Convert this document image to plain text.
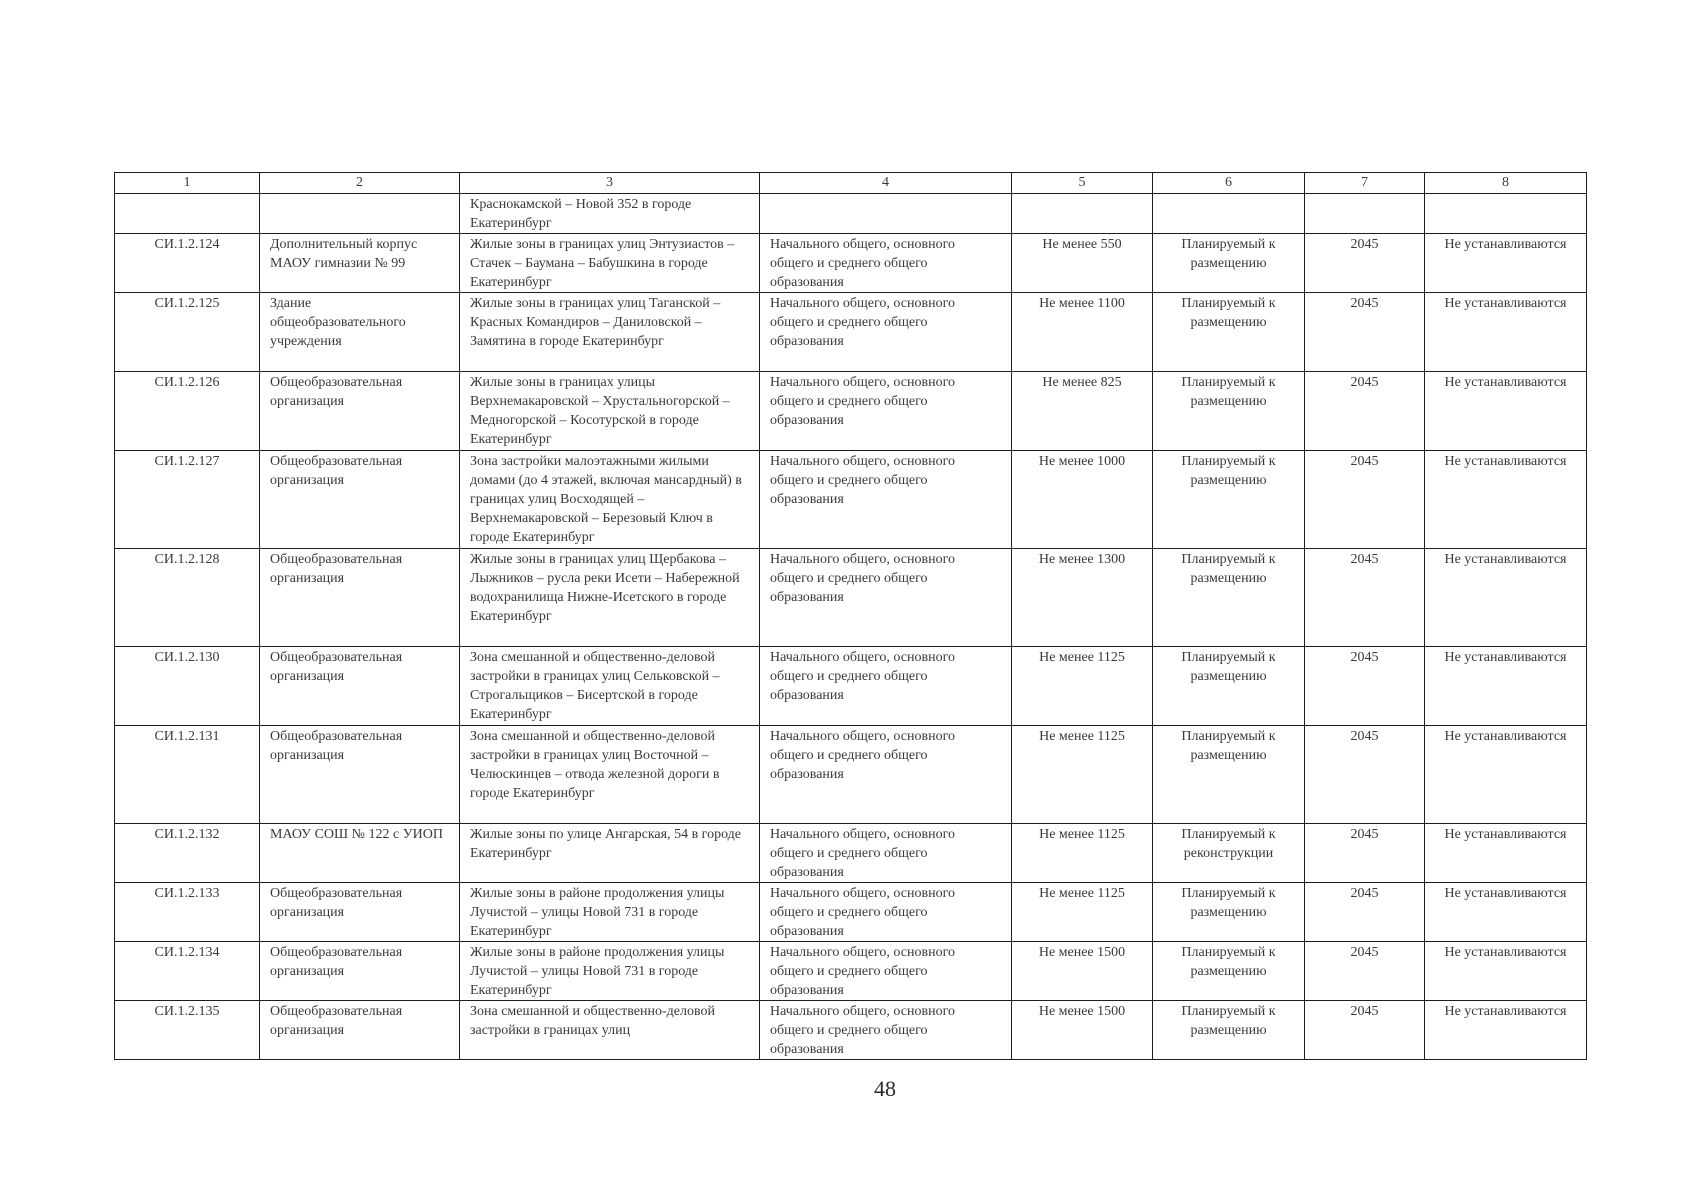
1	2	3	4	5	6	7	8
		Краснокамской – Новой 352 в городе Екатеринбург					
СИ.1.2.124	Дополнительный корпус МАОУ гимназии № 99	Жилые зоны в границах улиц Энтузиастов – Стачек – Баумана – Бабушкина в городе Екатеринбург	Начального общего, основного общего и среднего общего образования	Не менее 550	Планируемый к размещению	2045	Не устанавливаются
СИ.1.2.125	Здание общеобразовательного учреждения	Жилые зоны в границах улиц Таганской – Красных Командиров – Даниловской – Замятина в городе Екатеринбург	Начального общего, основного общего и среднего общего образования	Не менее 1100	Планируемый к размещению	2045	Не устанавливаются
СИ.1.2.126	Общеобразовательная организация	Жилые зоны в границах улицы Верхнемакаровской – Хрустальногорской – Медногорской – Косотурской в городе Екатеринбург	Начального общего, основного общего и среднего общего образования	Не менее 825	Планируемый к размещению	2045	Не устанавливаются
СИ.1.2.127	Общеобразовательная организация	Зона застройки малоэтажными жилыми домами (до 4 этажей, включая мансардный) в границах улиц Восходящей – Верхнемакаровской – Березовый Ключ в городе Екатеринбург	Начального общего, основного общего и среднего общего образования	Не менее 1000	Планируемый к размещению	2045	Не устанавливаются
СИ.1.2.128	Общеобразовательная организация	Жилые зоны в границах улиц Щербакова – Лыжников – русла реки Исети – Набережной водохранилища Нижне-Исетского в городе Екатеринбург	Начального общего, основного общего и среднего общего образования	Не менее 1300	Планируемый к размещению	2045	Не устанавливаются
СИ.1.2.130	Общеобразовательная организация	Зона смешанной и общественно-деловой застройки в границах улиц Сельковской – Строгальщиков – Бисертской в городе Екатеринбург	Начального общего, основного общего и среднего общего образования	Не менее 1125	Планируемый к размещению	2045	Не устанавливаются
СИ.1.2.131	Общеобразовательная организация	Зона смешанной и общественно-деловой застройки в границах улиц Восточной – Челюскинцев – отвода железной дороги в городе Екатеринбург	Начального общего, основного общего и среднего общего образования	Не менее 1125	Планируемый к размещению	2045	Не устанавливаются
СИ.1.2.132	МАОУ СОШ № 122 с УИОП	Жилые зоны по улице Ангарская, 54 в городе Екатеринбург	Начального общего, основного общего и среднего общего образования	Не менее 1125	Планируемый к реконструкции	2045	Не устанавливаются
СИ.1.2.133	Общеобразовательная организация	Жилые зоны в районе продолжения улицы Лучистой – улицы Новой 731 в городе Екатеринбург	Начального общего, основного общего и среднего общего образования	Не менее 1125	Планируемый к размещению	2045	Не устанавливаются
СИ.1.2.134	Общеобразовательная организация	Жилые зоны в районе продолжения улицы Лучистой – улицы Новой 731 в городе Екатеринбург	Начального общего, основного общего и среднего общего образования	Не менее 1500	Планируемый к размещению	2045	Не устанавливаются
СИ.1.2.135	Общеобразовательная организация	Зона смешанной и общественно-деловой застройки в границах улиц	Начального общего, основного общего и среднего общего образования	Не менее 1500	Планируемый к размещению	2045	Не устанавливаются
48
